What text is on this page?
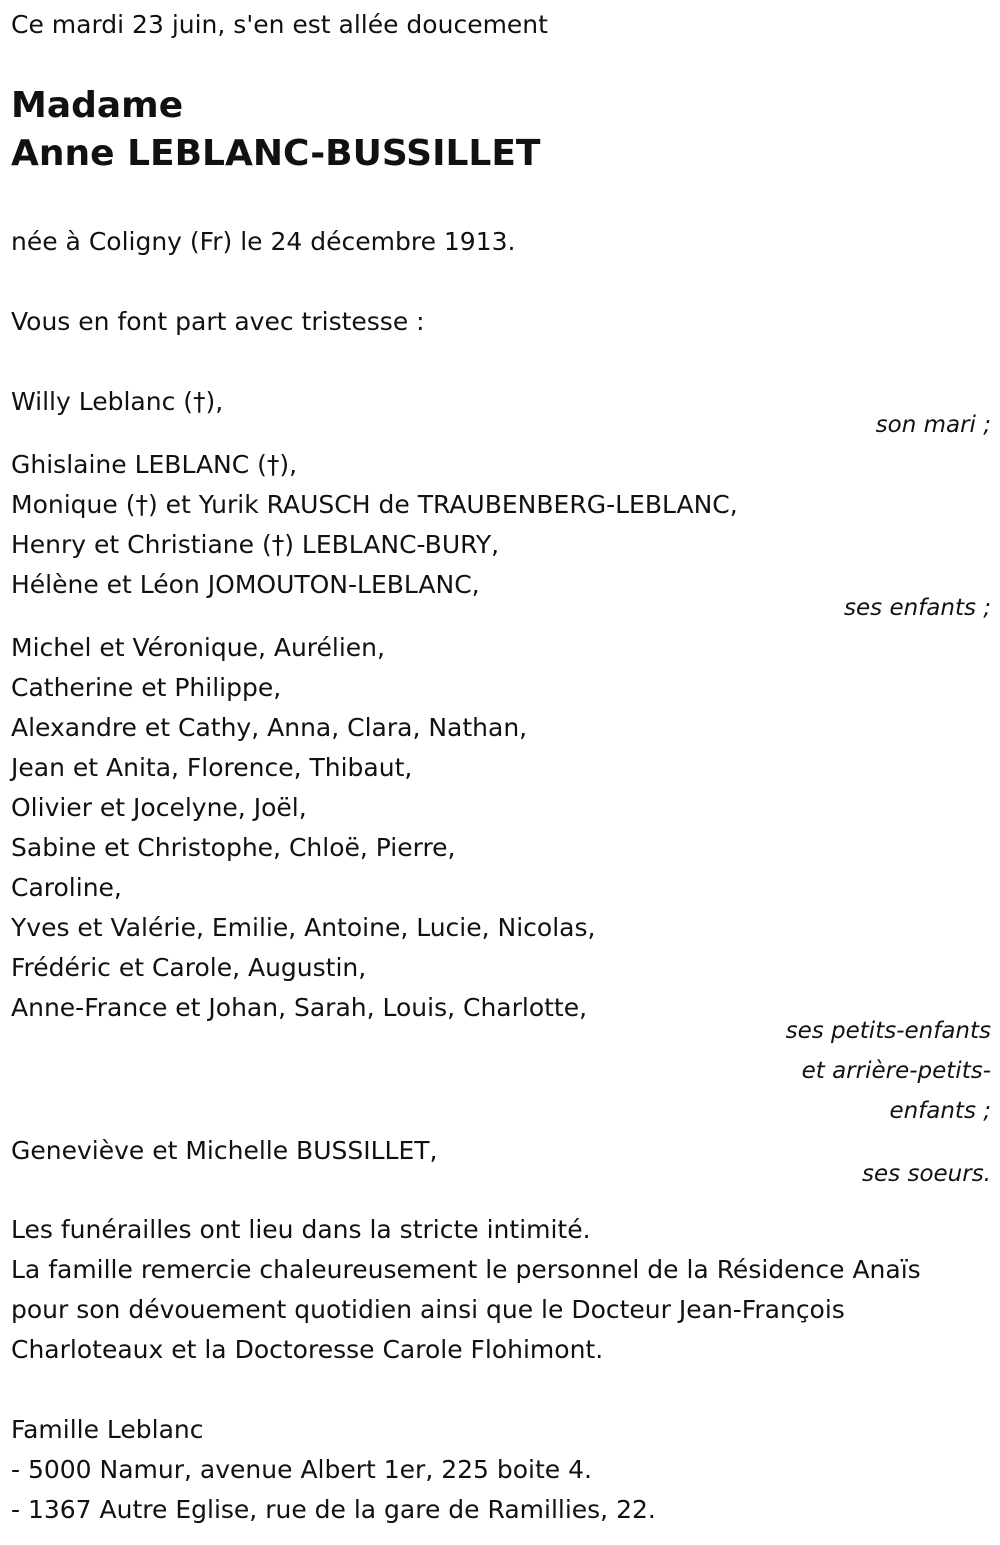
Ce mardi 23 juin, s'en est allée doucement
Madame
Anne LEBLANC-BUSSILLET
née à Coligny (Fr) le 24 décembre 1913.
Vous en font part avec tristesse :
Willy Leblanc (†),
son mari ;
Ghislaine LEBLANC (†),
Monique (†) et Yurik RAUSCH de TRAUBENBERG-LEBLANC,
Henry et Christiane (†) LEBLANC-BURY,
Hélène et Léon JOMOUTON-LEBLANC,
ses enfants ;
Michel et Véronique, Aurélien,
Catherine et Philippe,
Alexandre et Cathy, Anna, Clara, Nathan,
Jean et Anita, Florence, Thibaut,
Olivier et Jocelyne, Joël,
Sabine et Christophe, Chloë, Pierre,
Caroline,
Yves et Valérie, Emilie, Antoine, Lucie, Nicolas,
Frédéric et Carole, Augustin,
Anne-France et Johan, Sarah, Louis, Charlotte,
ses petits-enfants
et arrière-petits-
enfants ;
Geneviève et Michelle BUSSILLET,
ses soeurs.
Les funérailles ont lieu dans la stricte intimité.
La famille remercie chaleureusement le personnel de la Résidence Anaïs
pour son dévouement quotidien ainsi que le Docteur Jean-François
Charloteaux et la Doctoresse Carole Flohimont.
Famille Leblanc
- 5000 Namur, avenue Albert 1er, 225 boite 4.
- 1367 Autre Eglise, rue de la gare de Ramillies, 22.
